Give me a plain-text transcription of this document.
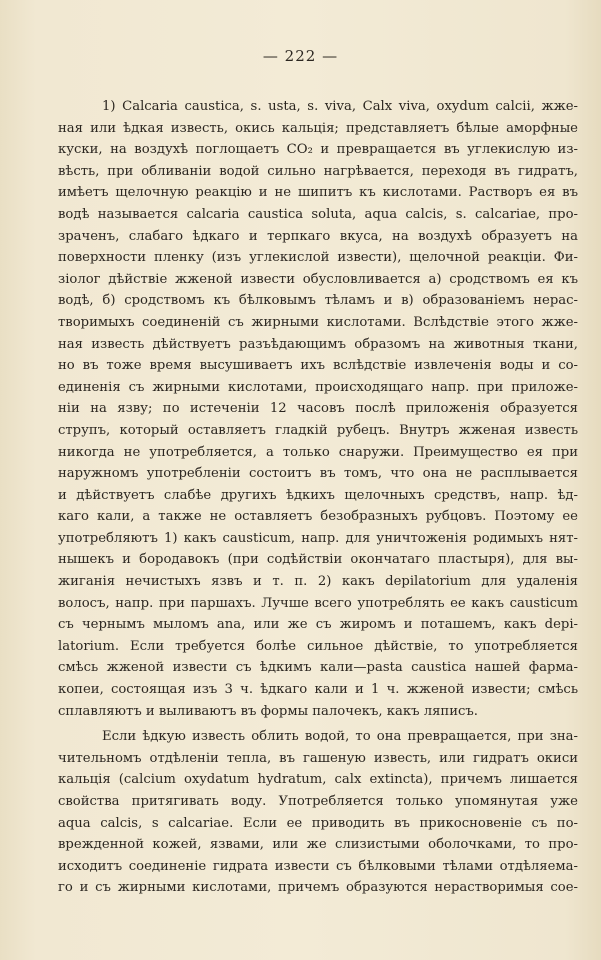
— 222 —
1) Calcaria caustica, s. usta, s. viva, Calx viva, oxydum calcii, жже-
ная или ѣдкая известь, окись кальція; представляетъ бѣлые аморфные
куски, на воздухѣ поглощаетъ CO₂ и превращается въ углекислую из-
вѣсть, при обливаніи водой сильно нагрѣвается, переходя въ гидратъ,
имѣетъ щелочную реакцію и не шипитъ къ кислотами. Растворъ ея въ
водѣ называется calcaria caustica soluta, aqua calcis, s. calcariae, про-
зраченъ, слабаго ѣдкаго и терпкаго вкуса, на воздухѣ образуетъ на
поверхности пленку (изъ углекислой извести), щелочной реакціи. Фи-
зіолог дѣйствіе жженой извести обусловливается а) сродствомъ ея къ
водѣ, б) сродствомъ къ бѣлковымъ тѣламъ и в) образованіемъ нерас-
творимыхъ соединеній съ жирными кислотами. Вслѣдствіе этого жже-
ная известь дѣйствуетъ разъѣдающимъ образомъ на животныя ткани,
но въ тоже время высушиваетъ ихъ вслѣдствіе извлеченія воды и со-
единенія съ жирными кислотами, происходящаго напр. при приложе-
ніи на язву; по истеченіи 12 часовъ послѣ приложенія образуется
струпъ, который оставляетъ гладкій рубецъ. Внутръ жженая известь
никогда не употребляется, а только снаружи. Преимущество ея при
наружномъ употребленіи состоитъ въ томъ, что она не расплывается
и дѣйствуетъ слабѣе другихъ ѣдкихъ щелочныхъ средствъ, напр. ѣд-
каго кали, а также не оставляетъ безобразныхъ рубцовъ. Поэтому ее
употребляютъ 1) какъ causticum, напр. для уничтоженія родимыхъ нят-
нышекъ и бородавокъ (при содѣйствіи окончатаго пластыря), для вы-
жиганія нечистыхъ язвъ и т. п. 2) какъ depilatorium для удаленія
волосъ, напр. при паршахъ. Лучше всего употреблять ее какъ causticum
съ чернымъ мыломъ ana, или же съ жиромъ и поташемъ, какъ depi-
latorium. Если требуется болѣе сильное дѣйствіе, то употребляется
смѣсь жженой извести съ ѣдкимъ кали—pasta caustica нашей фарма-
копеи, состоящая изъ 3 ч. ѣдкаго кали и 1 ч. жженой извести; смѣсь
сплавляютъ и выливаютъ въ формы палочекъ, какъ ляписъ.
Если ѣдкую известь облить водой, то она превращается, при зна-
чительномъ отдѣленіи тепла, въ гашеную известь, или гидратъ окиси
кальція (calcium oxydatum hydratum, calx extincta), причемъ лишается
свойства притягивать воду. Употребляется только упомянутая уже
aqua calcis, s calcariae. Если ее приводить въ прикосновеніе съ по-
врежденной кожей, язвами, или же слизистыми оболочками, то про-
исходитъ соединеніе гидрата извести съ бѣлковыми тѣлами отдѣляема-
го и съ жирными кислотами, причемъ образуются нерастворимыя сое-
